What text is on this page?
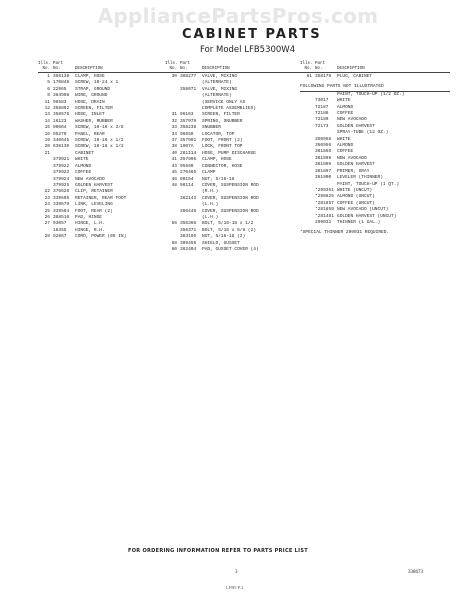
AppliancePartsPros.com
CABINET PARTS
For Model LFB5300W4
Ills.
No.
Part
No.	DESCRIPTION
1 356138	CLAMP, HOSE
5 170848	SCREW, 10-24 x 1
6 22965	STRAP, GROUND
8 384998	WIRE, GROUND
11 96583	HOSE, DRAIN
12 358892	SCREEN, FILTER
13 358576	HOSE, INLET
14 16123	WASHER, RUBBER
15 90664	SCREW, 10-16 x 3/8
16 95279	PANEL, REAR
19 340645	SCREW, 10-16 x 1/2
20 638130	SCREW, 10-16 x 1/2
21	CABINET
379921	WHITE
379922	ALMOND
379923	COFFEE
379924	NEW AVOCADO
379925	GOLDEN HARVEST
22 376626	CLIP, RETAINER
23 339595	RETAINER, REAR FOOT
24 339579	LINK, LEVELING
25 339594	FOOT, REAR (2)
26 388510	PAD, HINGE
27 93057	HINGE, L.H.
18355	HINGE, R.H.
28 92867	CORD, POWER (69 IN)
Ills.
No.
Part
No.	DESCRIPTION
30 388277	VALVE, MIXING
(ALTERNATE)
358071	VALVE, MIXING
(ALTERNATE)
(SERVICE ONLY AS
COMPLETE ASSEMBLIES)
31 96163	SCREEN, FILTER
32 357979	SPRING, SNUBBER
33 358238	SNUBBER
34 96659	LOCATOR, TOP
37 357991	FOOT, FRONT (2)
38 1907A	LOCK, FRONT TOP
40 281114	HOSE, PUMP DISCHARGE
41 357996	CLAMP, HOSE
43 95590	CONNECTOR, HOSE
45 270465	CLAMP
46 90154	NUT, 5/16-18
48 96114	COVER, SUSPENSION ROD
(R.H.)
362143	COVER, SUSPENSION ROD
(L.H.)
386448	COVER, SUSPENSION ROD
(L.H.)
56 356368	BOLT, 5/16-18 x 1/2
356371	BOLT, 5/16 x 5/8 (2)
383195	NUT, 5/16-18 (2)
58 389456	SHIELD, GUSSET
60 362404	PAD, GUSSET COVER (4)
Ills.
No.
Part
No.	DESCRIPTION
61 358179	PLUG, CABINET
FOLLOWING PARTS NOT ILLUSTRATED
PAINT, TOUCH-UP (1/2 OZ.)
73017	WHITE
72187	ALMOND
72188	COFFEE
72189	NEW AVOCADO
72173	GOLDEN HARVEST
SPRAY-TUBE (12 OZ.)
350958	WHITE
350956	ALMOND
361856	COFFEE
361898	NEW AVOCADO
361899	GOLDEN HARVEST
361897	PRIMER, GRAY
361900	LEVELER (THINNER)
PAINT, TOUCH-UP (1 QT.)
*299351 WHITE (UNCUT)
*298825 ALMOND (UNCUT)
*281857 COFFEE (UNCUT)
*281859 NEW AVOCADO (UNCUT)
*281481 GOLDEN HARVEST (UNCUT)
299031	THINNER (1 GAL.)
*SPECIAL THINNER 299031 REQUIRED.
FOR ORDERING INFORMATION REFER TO PARTS PRICE LIST
3	338673
LFB5 P 2
